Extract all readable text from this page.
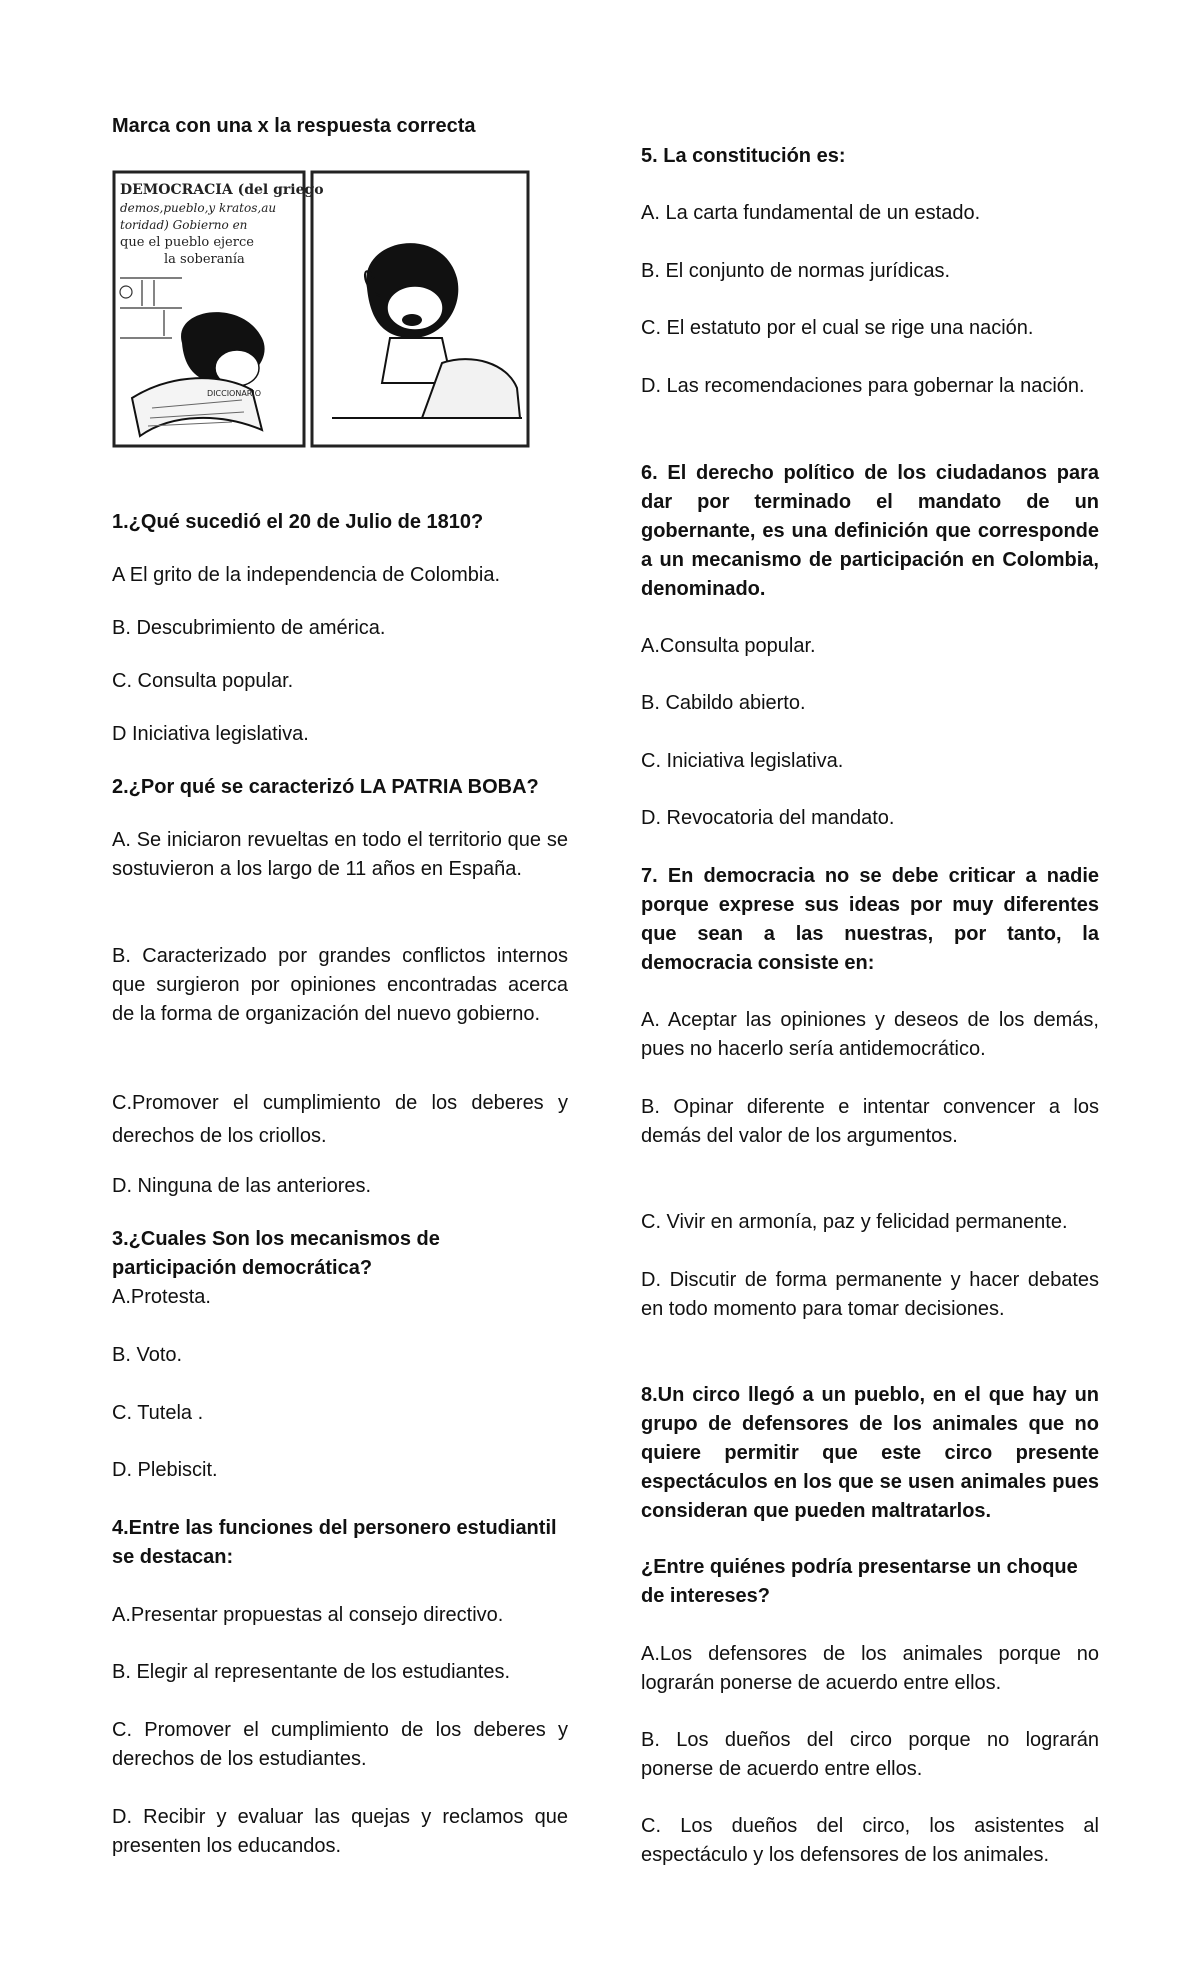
Marca con una x la respuesta correcta

DEMOCRACIA (del griego
demos,pueblo,y kratos,au
toridad) Gobierno en
que el pueblo ejerce
la soberanía
DICCIONARIO

1.¿Qué sucedió el 20 de Julio de 1810?

A El grito de la independencia de Colombia.

B. Descubrimiento de américa.

C. Consulta popular.

D Iniciativa legislativa.

2.¿Por qué se caracterizó LA PATRIA BOBA?

A. Se iniciaron revueltas en todo el territorio que se sostuvieron a los largo de 11 años en España.

B. Caracterizado por grandes conflictos internos que surgieron por opiniones encontradas acerca de la forma de organización del nuevo gobierno.

C.Promover el cumplimiento de los deberes y derechos de los criollos.

D. Ninguna de las anteriores.

3.¿Cuales Son los mecanismos de participación democrática?

A.Protesta.

B. Voto.

C. Tutela .

D. Plebiscit.

4.Entre las funciones del personero estudiantil se destacan:

A.Presentar propuestas al consejo directivo.

B. Elegir al representante de los estudiantes.

C. Promover el cumplimiento de los deberes y derechos de los estudiantes.

D. Recibir y evaluar las quejas y reclamos que presenten los educandos.

5. La constitución es:

A. La carta fundamental de un estado.

B. El conjunto de normas jurídicas.

C. El estatuto por el cual se rige una nación.

D. Las recomendaciones para gobernar la nación.

6. El derecho político de los ciudadanos para dar por terminado el mandato de un gobernante, es una definición que corresponde a un mecanismo de participación en Colombia, denominado.

A.Consulta popular.

B. Cabildo abierto.

C. Iniciativa legislativa.

D. Revocatoria del mandato.

7. En democracia no se debe criticar a nadie porque exprese sus ideas por muy diferentes que sean a las nuestras, por tanto, la democracia consiste en:

A. Aceptar las opiniones y deseos de los demás, pues no hacerlo sería antidemocrático.

B. Opinar diferente e intentar convencer a los demás del valor de los argumentos.

C. Vivir en armonía, paz y felicidad permanente.

D. Discutir de forma permanente y hacer debates en todo momento para tomar decisiones.

8.Un circo llegó a un pueblo, en el que hay un grupo de defensores de los animales que no quiere permitir que este circo presente espectáculos en los que se usen animales pues consideran que pueden maltratarlos.

¿Entre quiénes podría presentarse un choque de intereses?

A.Los defensores de los animales porque no lograrán ponerse de acuerdo entre ellos.

B. Los dueños del circo porque no lograrán ponerse de acuerdo entre ellos.

C. Los dueños del circo, los asistentes al espectáculo y los defensores de los animales.
